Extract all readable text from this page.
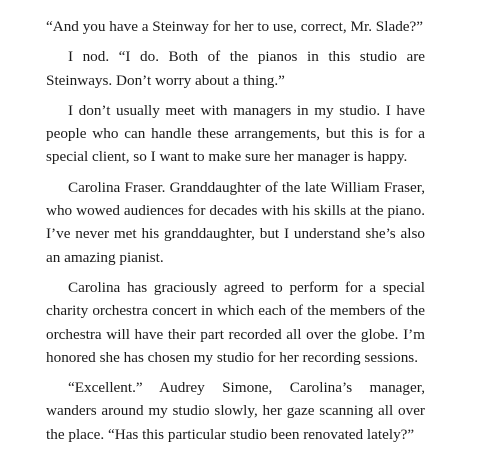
“And you have a Steinway for her to use, correct, Mr. Slade?”

I nod. “I do. Both of the pianos in this studio are Steinways. Don’t worry about a thing.”

I don’t usually meet with managers in my studio. I have people who can handle these arrangements, but this is for a special client, so I want to make sure her manager is happy.

Carolina Fraser. Granddaughter of the late William Fraser, who wowed audiences for decades with his skills at the piano. I’ve never met his granddaughter, but I understand she’s also an amazing pianist.

Carolina has graciously agreed to perform for a special charity orchestra concert in which each of the members of the orchestra will have their part recorded all over the globe. I’m honored she has chosen my studio for her recording sessions.

“Excellent.” Audrey Simone, Carolina’s manager, wanders around my studio slowly, her gaze scanning all over the place. “Has this particular studio been renovated lately?”
